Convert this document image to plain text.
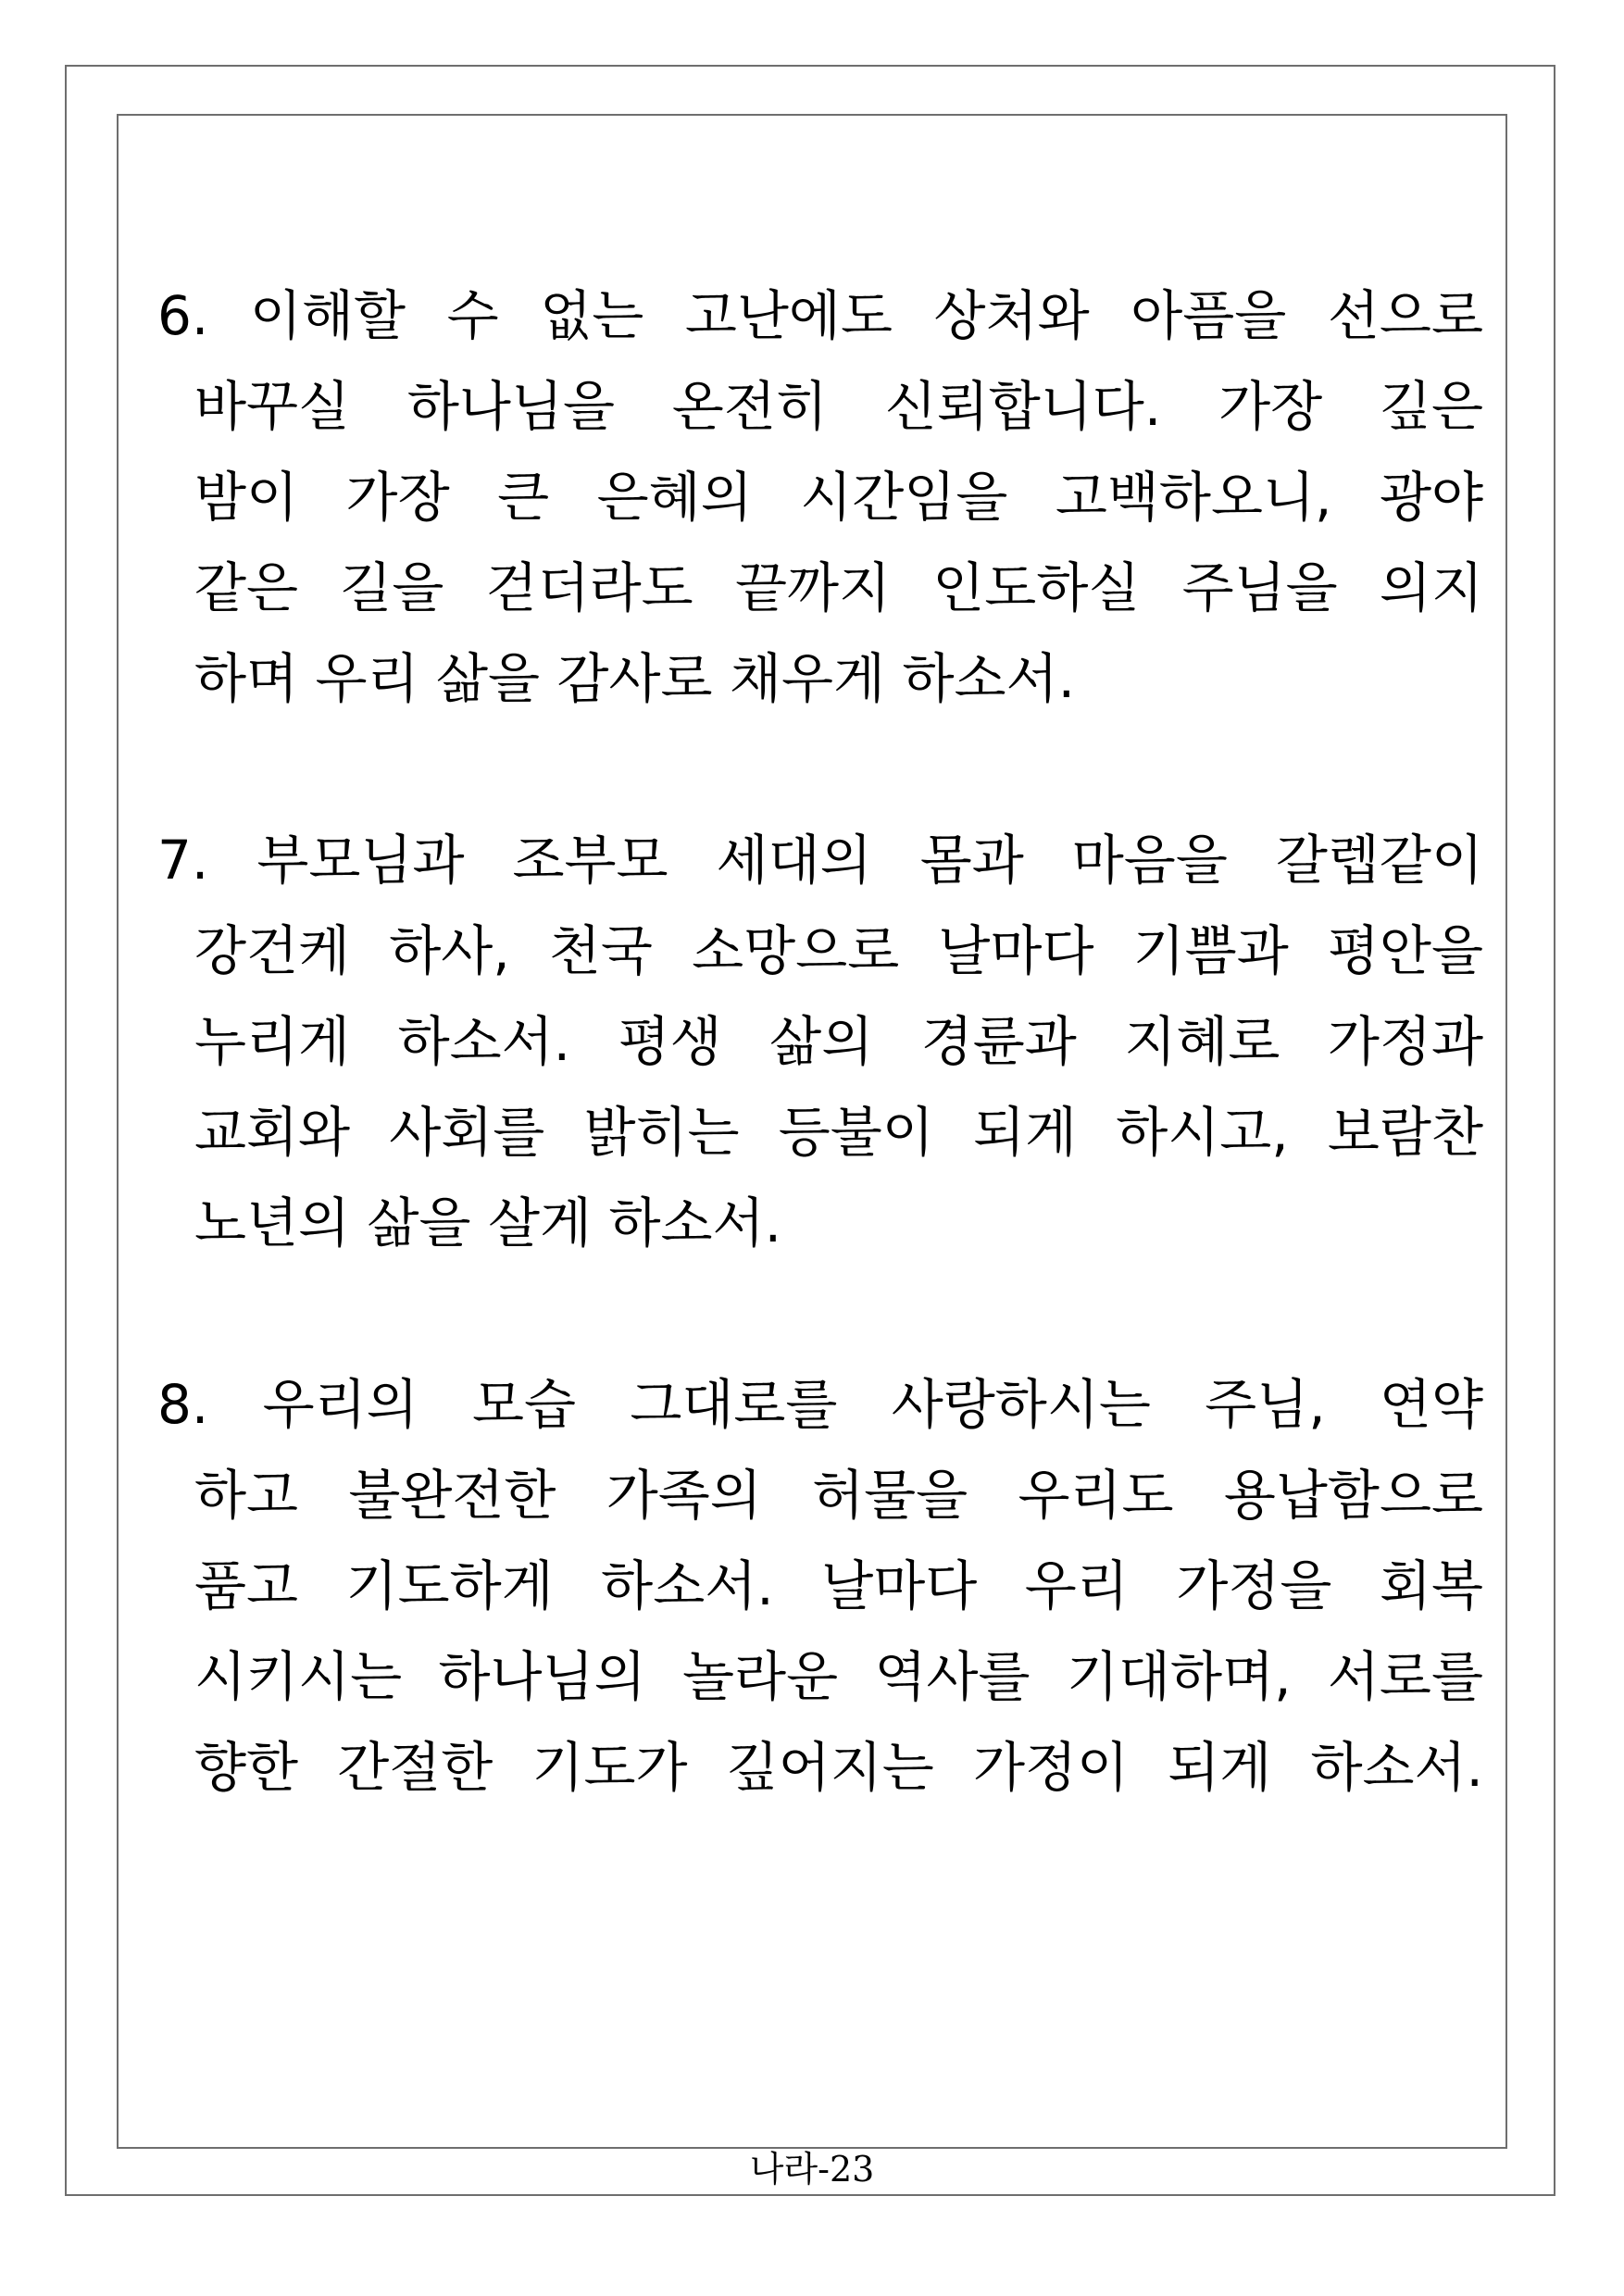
6. 이해할 수 없는 고난에도 상처와 아픔을 선으로
바꾸실 하나님을 온전히 신뢰합니다. 가장 깊은
밤이 가장 큰 은혜의 시간임을 고백하오니, 광야
같은 길을 걷더라도 끝까지 인도하실 주님을 의지
하며 우리 삶을 감사로 채우게 하소서.
7. 부모님과 조부모 세대의 몸과 마음을 갈렙같이
강건케 하사, 천국 소망으로 날마다 기쁨과 평안을
누리게 하소서. 평생 삶의 경륜과 지혜로 가정과
교회와 사회를 밝히는 등불이 되게 하시고, 보람찬
노년의 삶을 살게 하소서.
8. 우리의 모습 그대로를 사랑하시는 주님, 연약
하고 불완전한 가족의 허물을 우리도 용납함으로
품고 기도하게 하소서. 날마다 우리 가정을 회복
시키시는 하나님의 놀라운 역사를 기대하며, 서로를
향한 간절한 기도가 깊어지는 가정이 되게 하소서.
나라-23
